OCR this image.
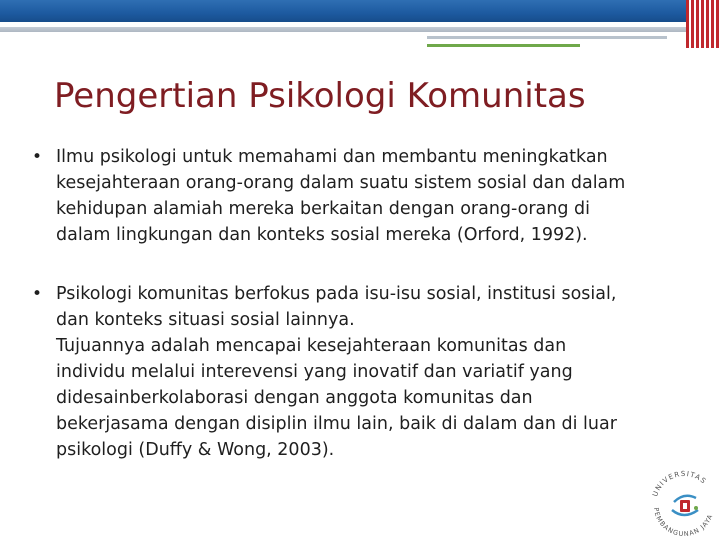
Pengertian Psikologi Komunitas
• Ilmu psikologi untuk memahami dan membantu meningkatkan
kesejahteraan orang-orang dalam suatu sistem sosial dan dalam
kehidupan alamiah mereka berkaitan dengan orang-orang di
dalam lingkungan dan konteks sosial mereka (Orford, 1992).
• Psikologi komunitas berfokus pada isu-isu sosial, institusi sosial,
dan konteks situasi sosial lainnya.
Tujuannya adalah mencapai kesejahteraan komunitas dan
individu melalui interevensi yang inovatif dan variatif yang
didesainberkolaborasi dengan anggota komunitas dan
bekerjasama dengan disiplin ilmu lain, baik di dalam dan di luar
psikologi (Duffy & Wong, 2003).
UNIVERSITAS
PEMBANGUNAN JAYA
